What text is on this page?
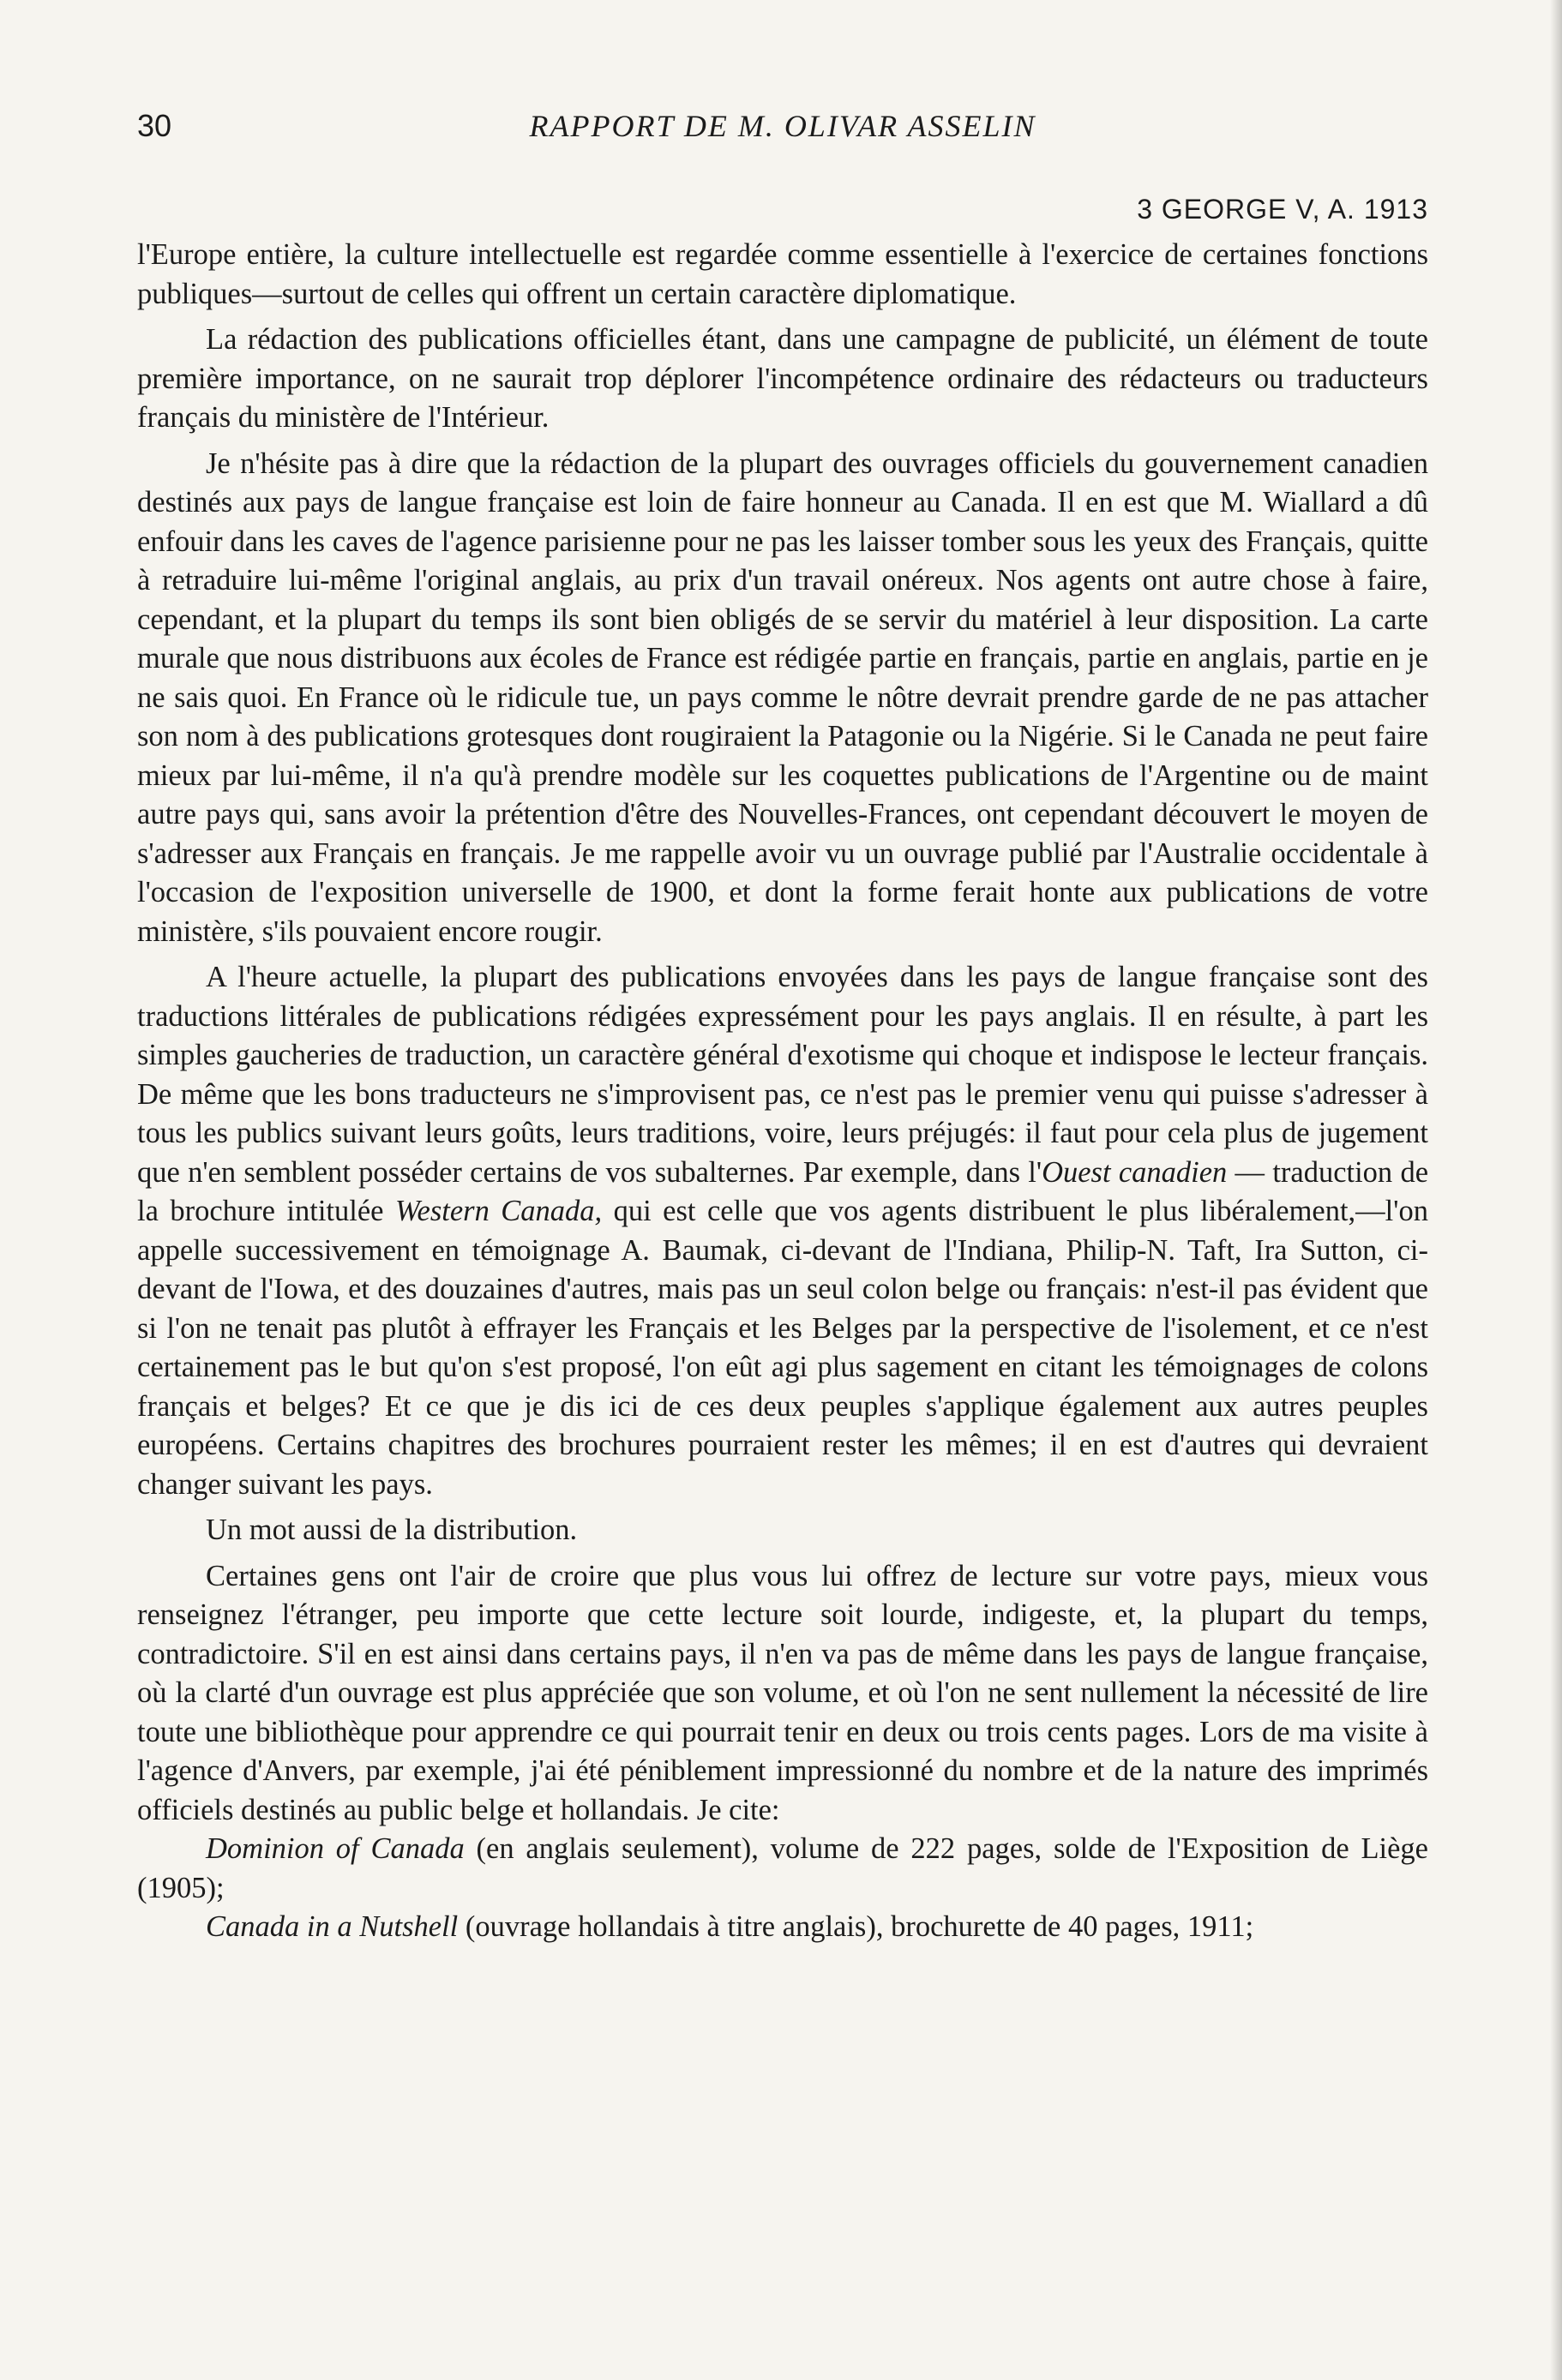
30	RAPPORT DE M. OLIVAR ASSELIN
3 GEORGE V, A. 1913

l'Europe entière, la culture intellectuelle est regardée comme essentielle à l'exercice de certaines fonctions publiques—surtout de celles qui offrent un certain caractère diplomatique.

La rédaction des publications officielles étant, dans une campagne de publicité, un élément de toute première importance, on ne saurait trop déplorer l'incompétence ordinaire des rédacteurs ou traducteurs français du ministère de l'Intérieur.

Je n'hésite pas à dire que la rédaction de la plupart des ouvrages officiels du gouvernement canadien destinés aux pays de langue française est loin de faire honneur au Canada. Il en est que M. Wiallard a dû enfouir dans les caves de l'agence parisienne pour ne pas les laisser tomber sous les yeux des Français, quitte à retraduire lui-même l'original anglais, au prix d'un travail onéreux. Nos agents ont autre chose à faire, cependant, et la plupart du temps ils sont bien obligés de se servir du matériel à leur disposition. La carte murale que nous distribuons aux écoles de France est rédigée partie en français, partie en anglais, partie en je ne sais quoi. En France où le ridicule tue, un pays comme le nôtre devrait prendre garde de ne pas attacher son nom à des publications grotesques dont rougiraient la Patagonie ou la Nigérie. Si le Canada ne peut faire mieux par lui-même, il n'a qu'à prendre modèle sur les coquettes publications de l'Argentine ou de maint autre pays qui, sans avoir la prétention d'être des Nouvelles-Frances, ont cependant découvert le moyen de s'adresser aux Français en français. Je me rappelle avoir vu un ouvrage publié par l'Australie occidentale à l'occasion de l'exposition universelle de 1900, et dont la forme ferait honte aux publications de votre ministère, s'ils pouvaient encore rougir.

A l'heure actuelle, la plupart des publications envoyées dans les pays de langue française sont des traductions littérales de publications rédigées expressément pour les pays anglais. Il en résulte, à part les simples gaucheries de traduction, un caractère général d'exotisme qui choque et indispose le lecteur français. De même que les bons traducteurs ne s'improvisent pas, ce n'est pas le premier venu qui puisse s'adresser à tous les publics suivant leurs goûts, leurs traditions, voire, leurs préjugés: il faut pour cela plus de jugement que n'en semblent posséder certains de vos subalternes. Par exemple, dans l'Ouest canadien — traduction de la brochure intitulée Western Canada, qui est celle que vos agents distribuent le plus libéralement,—l'on appelle successivement en témoignage A. Baumak, ci-devant de l'Indiana, Philip-N. Taft, Ira Sutton, ci-devant de l'Iowa, et des douzaines d'autres, mais pas un seul colon belge ou français: n'est-il pas évident que si l'on ne tenait pas plutôt à effrayer les Français et les Belges par la perspective de l'isolement, et ce n'est certainement pas le but qu'on s'est proposé, l'on eût agi plus sagement en citant les témoignages de colons français et belges? Et ce que je dis ici de ces deux peuples s'applique également aux autres peuples européens. Certains chapitres des brochures pourraient rester les mêmes; il en est d'autres qui devraient changer suivant les pays.

Un mot aussi de la distribution.

Certaines gens ont l'air de croire que plus vous lui offrez de lecture sur votre pays, mieux vous renseignez l'étranger, peu importe que cette lecture soit lourde, indigeste, et, la plupart du temps, contradictoire. S'il en est ainsi dans certains pays, il n'en va pas de même dans les pays de langue française, où la clarté d'un ouvrage est plus appréciée que son volume, et où l'on ne sent nullement la nécessité de lire toute une bibliothèque pour apprendre ce qui pourrait tenir en deux ou trois cents pages. Lors de ma visite à l'agence d'Anvers, par exemple, j'ai été péniblement impressionné du nombre et de la nature des imprimés officiels destinés au public belge et hollandais. Je cite:

Dominion of Canada (en anglais seulement), volume de 222 pages, solde de l'Exposition de Liège (1905);

Canada in a Nutshell (ouvrage hollandais à titre anglais), brochurette de 40 pages, 1911;
